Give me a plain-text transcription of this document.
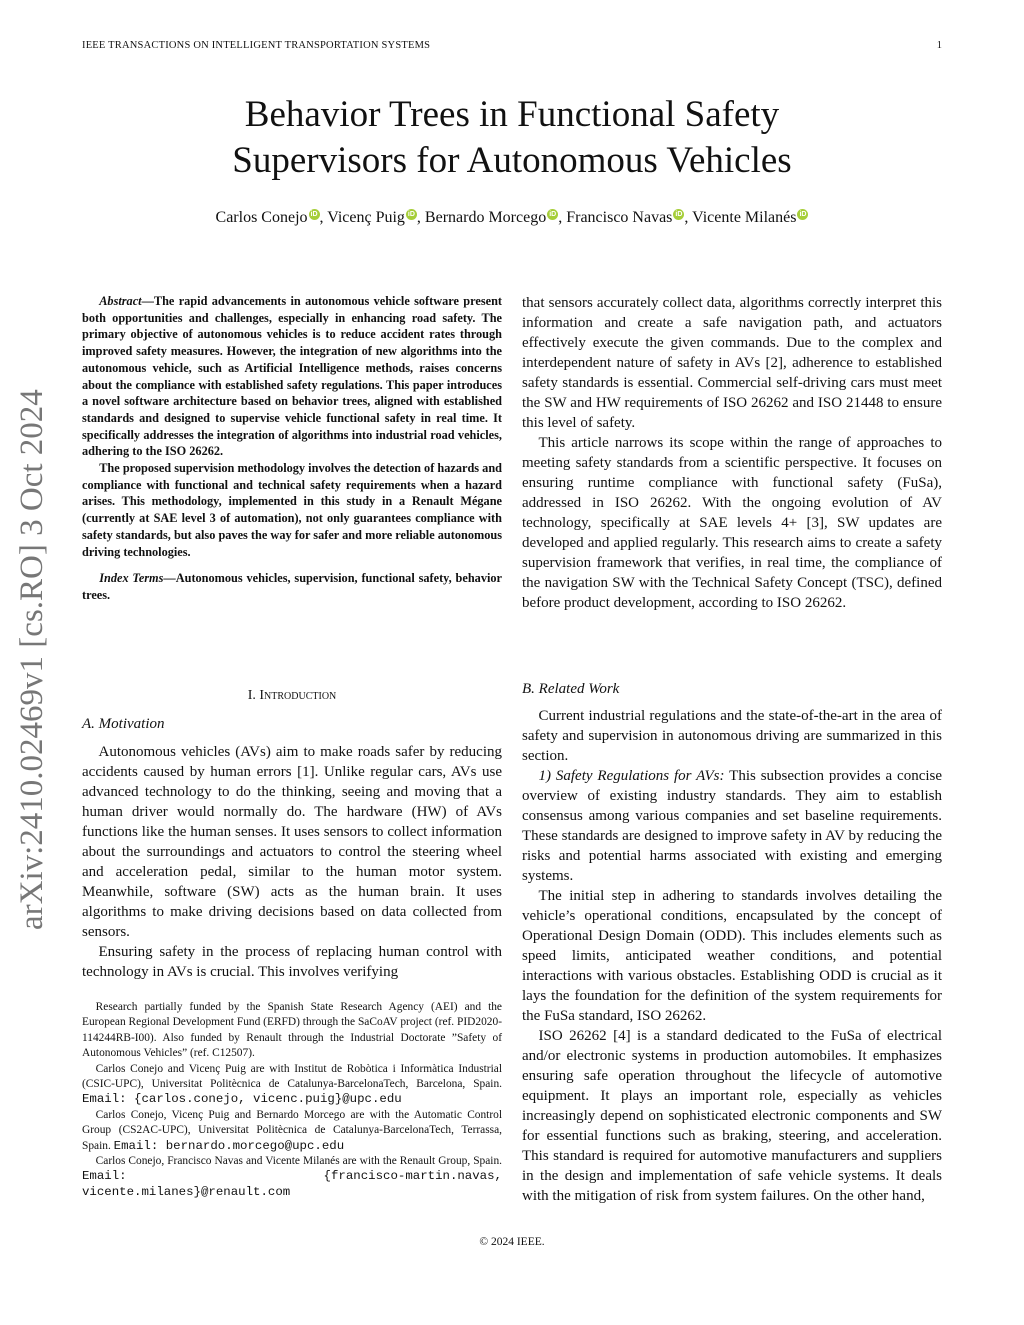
IEEE TRANSACTIONS ON INTELLIGENT TRANSPORTATION SYSTEMS	1
Behavior Trees in Functional Safety
Supervisors for Autonomous Vehicles
Carlos Conejo iD , Vicenç Puig iD , Bernardo Morcego iD , Francisco Navas iD , Vicente Milanés iD
arXiv:2410.02469v1 [cs.RO] 3 Oct 2024

Abstract—The rapid advancements in autonomous vehicle software present both opportunities and challenges, especially in enhancing road safety. The primary objective of autonomous vehicles is to reduce accident rates through improved safety measures. However, the integration of new algorithms into the autonomous vehicle, such as Artificial Intelligence methods, raises concerns about the compliance with established safety regulations. This paper introduces a novel software architecture based on behavior trees, aligned with established standards and designed to supervise vehicle functional safety in real time. It specifically addresses the integration of algorithms into industrial road vehicles, adhering to the ISO 26262.

The proposed supervision methodology involves the detection of hazards and compliance with functional and technical safety requirements when a hazard arises. This methodology, implemented in this study in a Renault Mégane (currently at SAE level 3 of automation), not only guarantees compliance with safety standards, but also paves the way for safer and more reliable autonomous driving technologies.

Index Terms—Autonomous vehicles, supervision, functional safety, behavior trees.

I. Introduction
A. Motivation

Autonomous vehicles (AVs) aim to make roads safer by reducing accidents caused by human errors [1]. Unlike regular cars, AVs use advanced technology to do the thinking, seeing and moving that a human driver would normally do. The hardware (HW) of AVs functions like the human senses. It uses sensors to collect information about the surroundings and actuators to control the steering wheel and acceleration pedal, similar to the human motor system. Meanwhile, software (SW) acts as the human brain. It uses algorithms to make driving decisions based on data collected from sensors.

Ensuring safety in the process of replacing human control with technology in AVs is crucial. This involves verifying

Research partially funded by the Spanish State Research Agency (AEI) and the European Regional Development Fund (ERFD) through the SaCoAV project (ref. PID2020-114244RB-I00). Also funded by Renault through the Industrial Doctorate ”Safety of Autonomous Vehicles” (ref. C12507).

Carlos Conejo and Vicenç Puig are with Institut de Robòtica i Informàtica Industrial (CSIC-UPC), Universitat Politècnica de Catalunya-BarcelonaTech, Barcelona, Spain. Email: {carlos.conejo, vicenc.puig}@upc.edu

Carlos Conejo, Vicenç Puig and Bernardo Morcego are with the Automatic Control Group (CS2AC-UPC), Universitat Politècnica de Catalunya-BarcelonaTech, Terrassa, Spain. Email: bernardo.morcego@upc.edu

Carlos Conejo, Francisco Navas and Vicente Milanés are with the Renault Group, Spain. Email: {francisco-martin.navas, vicente.milanes}@renault.com

that sensors accurately collect data, algorithms correctly interpret this information and create a safe navigation path, and actuators effectively execute the given commands. Due to the complex and interdependent nature of safety in AVs [2], adherence to established safety standards is essential. Commercial self-driving cars must meet the SW and HW requirements of ISO 26262 and ISO 21448 to ensure this level of safety.

This article narrows its scope within the range of approaches to meeting safety standards from a scientific perspective. It focuses on ensuring runtime compliance with functional safety (FuSa), addressed in ISO 26262. With the ongoing evolution of AV technology, specifically at SAE levels 4+ [3], SW updates are developed and applied regularly. This research aims to create a safety supervision framework that verifies, in real time, the compliance of the navigation SW with the Technical Safety Concept (TSC), defined before product development, according to ISO 26262.

B. Related Work

Current industrial regulations and the state-of-the-art in the area of safety and supervision in autonomous driving are summarized in this section.

1) Safety Regulations for AVs: This subsection provides a concise overview of existing industry standards. They aim to establish consensus among various companies and set baseline requirements. These standards are designed to improve safety in AV by reducing the risks and potential harms associated with existing and emerging systems.

The initial step in adhering to standards involves detailing the vehicle’s operational conditions, encapsulated by the concept of Operational Design Domain (ODD). This includes elements such as speed limits, anticipated weather conditions, and potential interactions with various obstacles. Establishing ODD is crucial as it lays the foundation for the definition of the system requirements for the FuSa standard, ISO 26262.

ISO 26262 [4] is a standard dedicated to the FuSa of electrical and/or electronic systems in production automobiles. It emphasizes ensuring safe operation throughout the lifecycle of automotive equipment. It plays an important role, especially as vehicles increasingly depend on sophisticated electronic components and SW for essential functions such as braking, steering, and acceleration. This standard is required for automotive manufacturers and suppliers in the design and implementation of safe vehicle systems. It deals with the mitigation of risk from system failures. On the other hand,

© 2024 IEEE.
